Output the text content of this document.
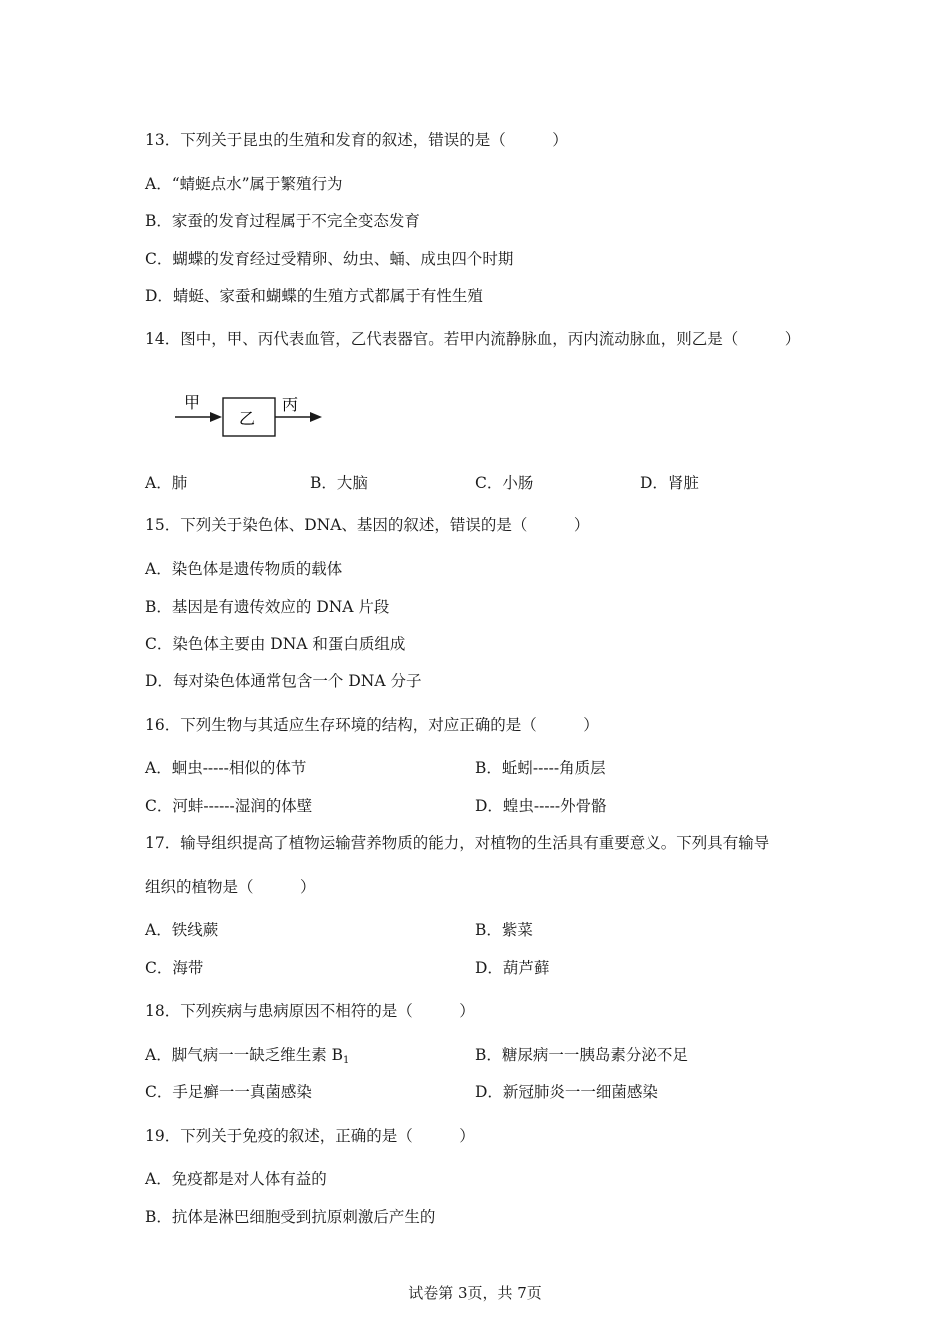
13．下列关于昆虫的生殖和发育的叙述，错误的是（　　　）
A．“蜻蜓点水”属于繁殖行为
B．家蚕的发育过程属于不完全变态发育
C．蝴蝶的发育经过受精卵、幼虫、蛹、成虫四个时期
D．蜻蜓、家蚕和蝴蝶的生殖方式都属于有性生殖
14．图中，甲、丙代表血管，乙代表器官。若甲内流静脉血，丙内流动脉血，则乙是（　　　）
甲
乙
丙
A．肺	B．大脑	C．小肠	D．肾脏
15．下列关于染色体、DNA、基因的叙述，错误的是（　　　）
A．染色体是遗传物质的载体
B．基因是有遗传效应的 DNA 片段
C．染色体主要由 DNA 和蛋白质组成
D．每对染色体通常包含一个 DNA 分子
16．下列生物与其适应生存环境的结构，对应正确的是（　　　）
A．蛔虫-----相似的体节	B．蚯蚓-----角质层
C．河蚌------湿润的体壁	D．蝗虫-----外骨骼
17．输导组织提高了植物运输营养物质的能力，对植物的生活具有重要意义。下列具有输导
组织的植物是（　　　）
A．铁线蕨	B．紫菜
C．海带	D．葫芦藓
18．下列疾病与患病原因不相符的是（　　　）
A．脚气病一一缺乏维生素 $B_1$	B．糖尿病一一胰岛素分泌不足
C．手足癣一一真菌感染	D．新冠肺炎一一细菌感染
19．下列关于免疫的叙述，正确的是（　　　）
A．免疫都是对人体有益的
B．抗体是淋巴细胞受到抗原刺激后产生的
试卷第 3页，共 7页
